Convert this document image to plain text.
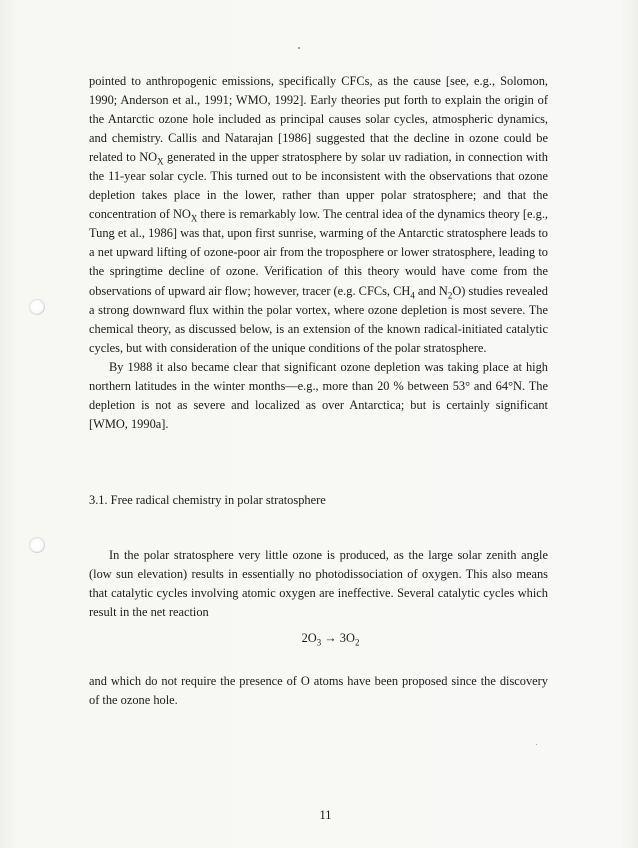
pointed to anthropogenic emissions, specifically CFCs, as the cause [see, e.g., Solomon, 1990; Anderson et al., 1991; WMO, 1992]. Early theories put forth to explain the origin of the Antarctic ozone hole included as principal causes solar cycles, atmospheric dynamics, and chemistry. Callis and Natarajan [1986] suggested that the decline in ozone could be related to $NO_X$ generated in the upper stratosphere by solar uv radiation, in connection with the 11-year solar cycle. This turned out to be inconsistent with the observations that ozone depletion takes place in the lower, rather than upper polar stratosphere; and that the concentration of $NO_X$ there is remarkably low. The central idea of the dynamics theory [e.g., Tung et al., 1986] was that, upon first sunrise, warming of the Antarctic stratosphere leads to a net upward lifting of ozone-poor air from the troposphere or lower stratosphere, leading to the springtime decline of ozone. Verification of this theory would have come from the observations of upward air flow; however, tracer (e.g. CFCs, $CH_4$ and $N_2O$) studies revealed a strong downward flux within the polar vortex, where ozone depletion is most severe. The chemical theory, as discussed below, is an extension of the known radical-initiated catalytic cycles, but with consideration of the unique conditions of the polar stratosphere.

By 1988 it also became clear that significant ozone depletion was taking place at high northern latitudes in the winter months—e.g., more than 20 % between 53° and 64°N. The depletion is not as severe and localized as over Antarctica; but is certainly significant [WMO, 1990a].

3.1. Free radical chemistry in polar stratosphere

In the polar stratosphere very little ozone is produced, as the large solar zenith angle (low sun elevation) results in essentially no photodissociation of oxygen. This also means that catalytic cycles involving atomic oxygen are ineffective. Several catalytic cycles which result in the net reaction

$2O_3 \to 3O_2$

and which do not require the presence of O atoms have been proposed since the discovery of the ozone hole.

11
